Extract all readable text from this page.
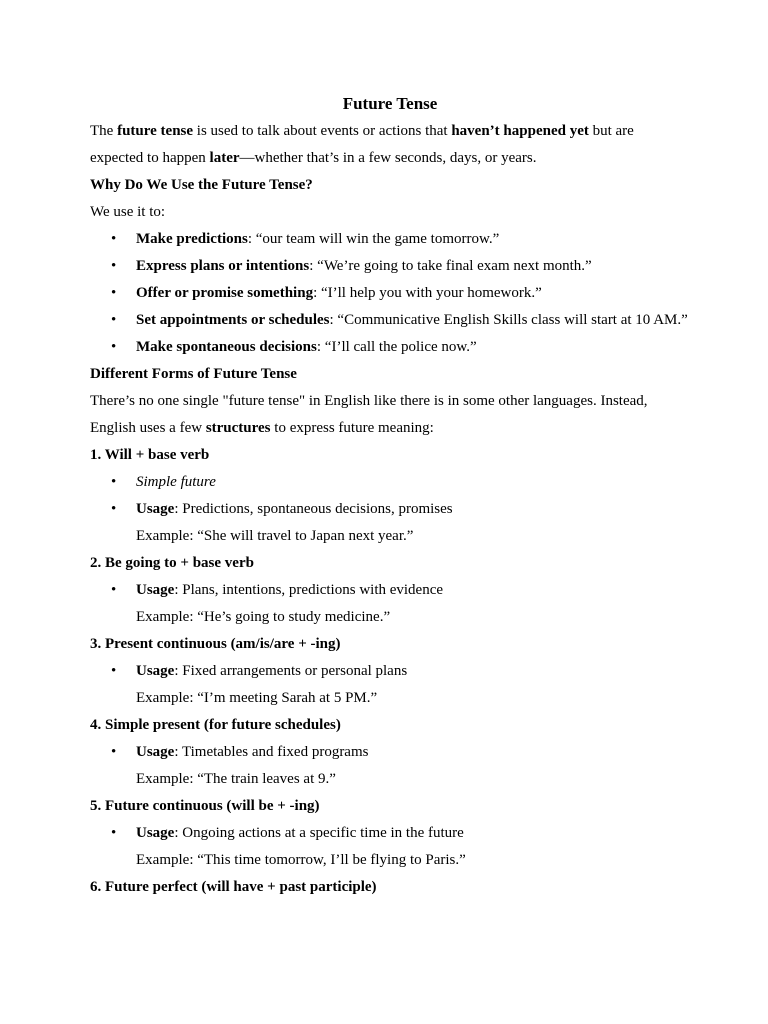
Future Tense

The future tense is used to talk about events or actions that haven’t happened yet but are expected to happen later—whether that’s in a few seconds, days, or years.

Why Do We Use the Future Tense?

We use it to:

• Make predictions: “our team will win the game tomorrow.”
• Express plans or intentions: “We’re going to take final exam next month.”
• Offer or promise something: “I’ll help you with your homework.”
• Set appointments or schedules: “Communicative English Skills class will start at 10 AM.”
• Make spontaneous decisions: “I’ll call the police now.”

Different Forms of Future Tense

There’s no one single "future tense" in English like there is in some other languages. Instead, English uses a few structures to express future meaning:

1. Will + base verb

• Simple future
• Usage: Predictions, spontaneous decisions, promises

Example: “She will travel to Japan next year.”

2. Be going to + base verb

• Usage: Plans, intentions, predictions with evidence

Example: “He’s going to study medicine.”

3. Present continuous (am/is/are + -ing)

• Usage: Fixed arrangements or personal plans

Example: “I’m meeting Sarah at 5 PM.”

4. Simple present (for future schedules)

• Usage: Timetables and fixed programs

Example: “The train leaves at 9.”

5. Future continuous (will be + -ing)

• Usage: Ongoing actions at a specific time in the future

Example: “This time tomorrow, I’ll be flying to Paris.”

6. Future perfect (will have + past participle)
